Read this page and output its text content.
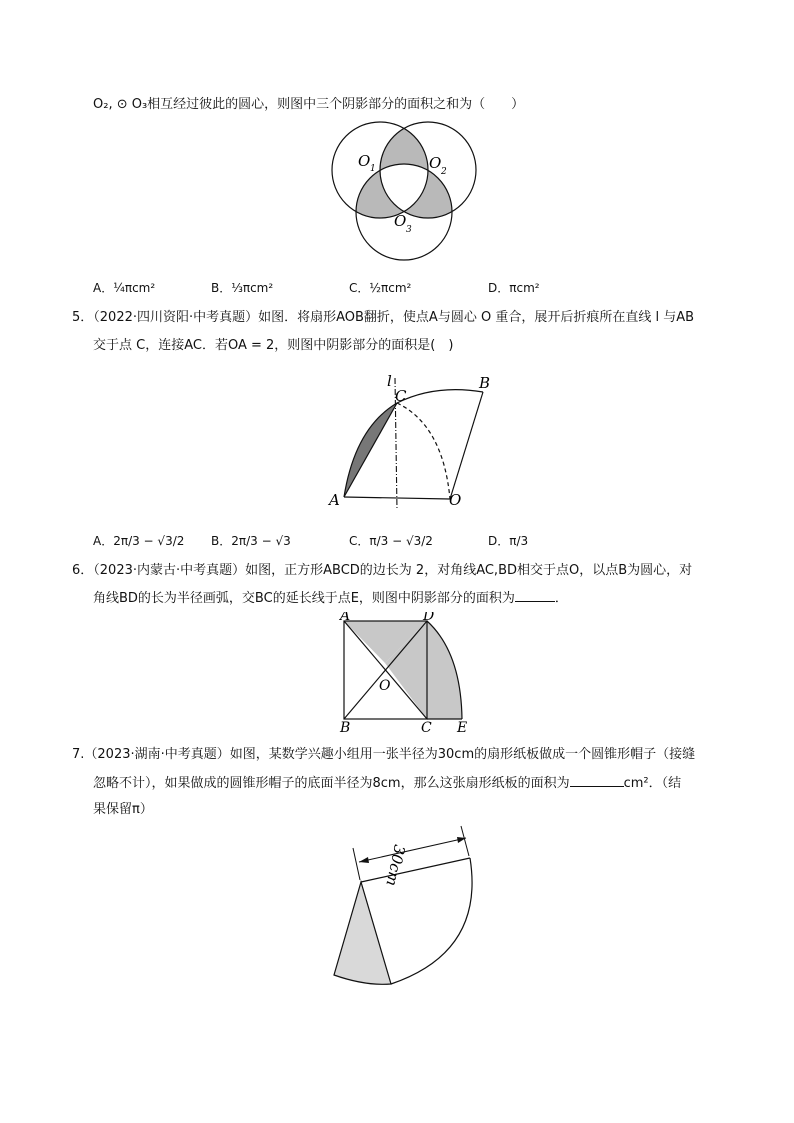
O₂, ⊙ O₃相互经过彼此的圆心，则图中三个阴影部分的面积之和为（　　）
O 1	O 2
O 3
A．¼πcm²	B．⅓πcm²	C．½πcm²	D．πcm²
5．（2022·四川资阳·中考真题）如图．将扇形AOB翻折，使点A与圆心 O 重合，展开后折痕所在直线 l 与AB
交于点 C，连接AC．若OA = 2，则图中阴影部分的面积是(　)
l
C
B
A	O
A．2π/3 − √3/2 B．2π/3 − √3	C．π/3 − √3/2	D．π/3
6．（2023·内蒙古·中考真题）如图，正方形ABCD的边长为 2，对角线AC,BD相交于点O，以点B为圆心，对
角线BD的长为半径画弧，交BC的延长线于点E，则图中阴影部分的面积为	．
A	D
O
B	C E
7.（2023·湖南·中考真题）如图，某数学兴趣小组用一张半径为30cm的扇形纸板做成一个圆锥形帽子（接缝
忽略不计），如果做成的圆锥形帽子的底面半径为8cm，那么这张扇形纸板的面积为	cm²．（结
果保留π）
30cm
